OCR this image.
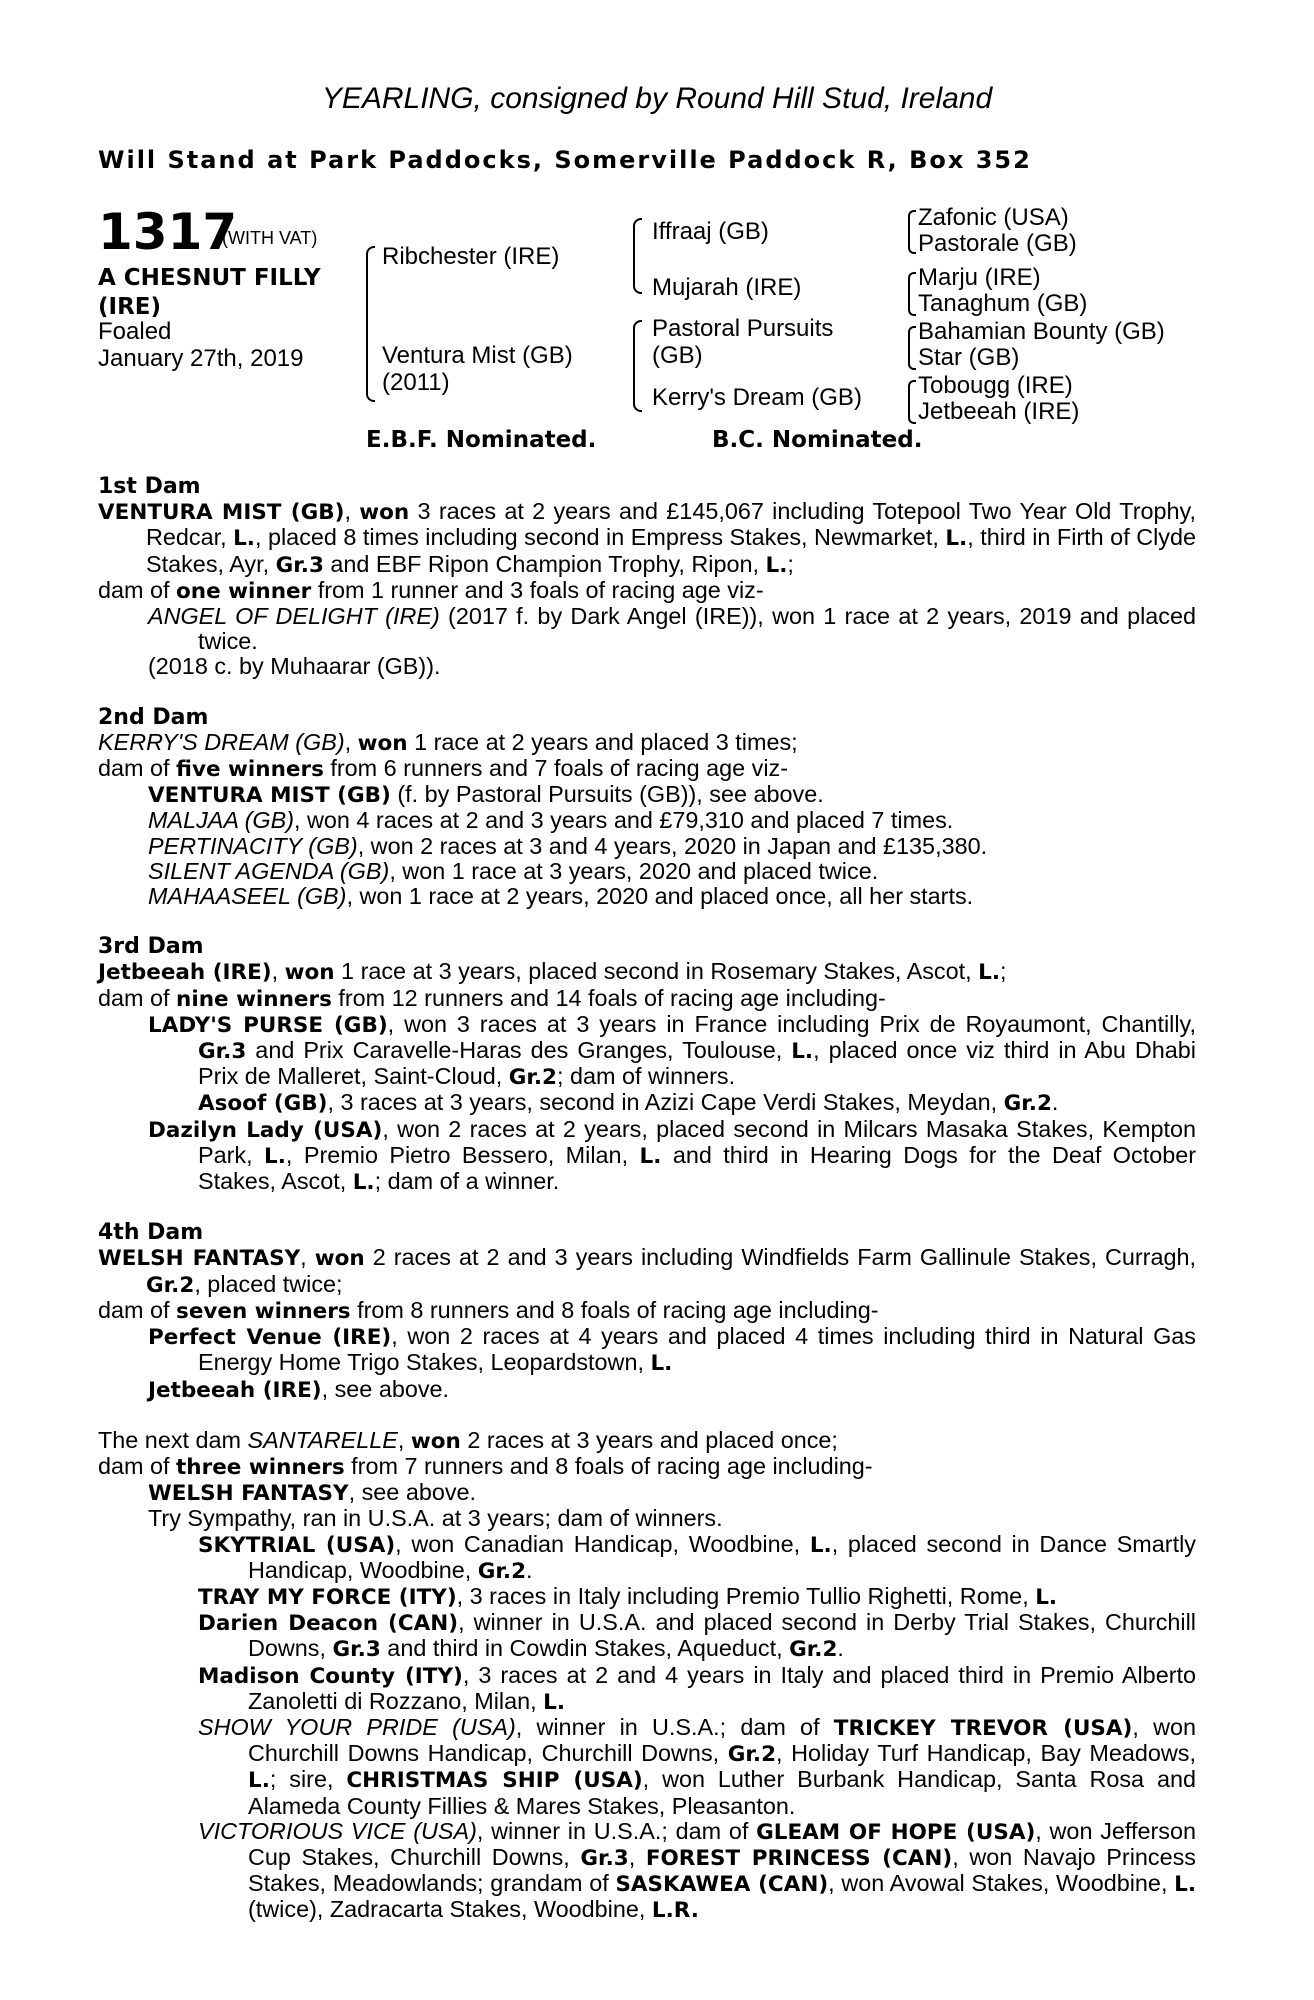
YEARLING, consigned by Round Hill Stud, Ireland
Will Stand at Park Paddocks, Somerville Paddock R, Box 352
1317
(WITH VAT)
A CHESNUT FILLY
(IRE)
Foaled
January 27th, 2019
Ribchester (IRE)
Ventura Mist (GB)
(2011)
Iffraaj (GB)
Mujarah (IRE)
Pastoral Pursuits
(GB)
Kerry's Dream (GB)
Zafonic (USA)
Pastorale (GB)
Marju (IRE)
Tanaghum (GB)
Bahamian Bounty (GB)
Star (GB)
Tobougg (IRE)
Jetbeeah (IRE)
E.B.F. Nominated.	B.C. Nominated.
1st Dam
VENTURA MIST (GB), won 3 races at 2 years and £145,067 including Totepool Two Year Old Trophy, Redcar, L., placed 8 times including second in Empress Stakes, Newmarket, L., third in Firth of Clyde Stakes, Ayr, Gr.3 and EBF Ripon Champion Trophy, Ripon, L.;
dam of one winner from 1 runner and 3 foals of racing age viz-
ANGEL OF DELIGHT (IRE) (2017 f. by Dark Angel (IRE)), won 1 race at 2 years, 2019 and placed twice.
(2018 c. by Muhaarar (GB)).
2nd Dam
KERRY'S DREAM (GB), won 1 race at 2 years and placed 3 times;
dam of five winners from 6 runners and 7 foals of racing age viz-
VENTURA MIST (GB) (f. by Pastoral Pursuits (GB)), see above.
MALJAA (GB), won 4 races at 2 and 3 years and £79,310 and placed 7 times.
PERTINACITY (GB), won 2 races at 3 and 4 years, 2020 in Japan and £135,380.
SILENT AGENDA (GB), won 1 race at 3 years, 2020 and placed twice.
MAHAASEEL (GB), won 1 race at 2 years, 2020 and placed once, all her starts.
3rd Dam
Jetbeeah (IRE), won 1 race at 3 years, placed second in Rosemary Stakes, Ascot, L.;
dam of nine winners from 12 runners and 14 foals of racing age including-
LADY'S PURSE (GB), won 3 races at 3 years in France including Prix de Royaumont, Chantilly, Gr.3 and Prix Caravelle-Haras des Granges, Toulouse, L., placed once viz third in Abu Dhabi Prix de Malleret, Saint-Cloud, Gr.2; dam of winners.
Asoof (GB), 3 races at 3 years, second in Azizi Cape Verdi Stakes, Meydan, Gr.2.
Dazilyn Lady (USA), won 2 races at 2 years, placed second in Milcars Masaka Stakes, Kempton Park, L., Premio Pietro Bessero, Milan, L. and third in Hearing Dogs for the Deaf October Stakes, Ascot, L.; dam of a winner.
4th Dam
WELSH FANTASY, won 2 races at 2 and 3 years including Windfields Farm Gallinule Stakes, Curragh, Gr.2, placed twice;
dam of seven winners from 8 runners and 8 foals of racing age including-
Perfect Venue (IRE), won 2 races at 4 years and placed 4 times including third in Natural Gas Energy Home Trigo Stakes, Leopardstown, L.
Jetbeeah (IRE), see above.
The next dam SANTARELLE, won 2 races at 3 years and placed once;
dam of three winners from 7 runners and 8 foals of racing age including-
WELSH FANTASY, see above.
Try Sympathy, ran in U.S.A. at 3 years; dam of winners.
SKYTRIAL (USA), won Canadian Handicap, Woodbine, L., placed second in Dance Smartly Handicap, Woodbine, Gr.2.
TRAY MY FORCE (ITY), 3 races in Italy including Premio Tullio Righetti, Rome, L.
Darien Deacon (CAN), winner in U.S.A. and placed second in Derby Trial Stakes, Churchill Downs, Gr.3 and third in Cowdin Stakes, Aqueduct, Gr.2.
Madison County (ITY), 3 races at 2 and 4 years in Italy and placed third in Premio Alberto Zanoletti di Rozzano, Milan, L.
SHOW YOUR PRIDE (USA), winner in U.S.A.; dam of TRICKEY TREVOR (USA), won Churchill Downs Handicap, Churchill Downs, Gr.2, Holiday Turf Handicap, Bay Meadows, L.; sire, CHRISTMAS SHIP (USA), won Luther Burbank Handicap, Santa Rosa and Alameda County Fillies & Mares Stakes, Pleasanton.
VICTORIOUS VICE (USA), winner in U.S.A.; dam of GLEAM OF HOPE (USA), won Jefferson Cup Stakes, Churchill Downs, Gr.3, FOREST PRINCESS (CAN), won Navajo Princess Stakes, Meadowlands; grandam of SASKAWEA (CAN), won Avowal Stakes, Woodbine, L. (twice), Zadracarta Stakes, Woodbine, L.R.
